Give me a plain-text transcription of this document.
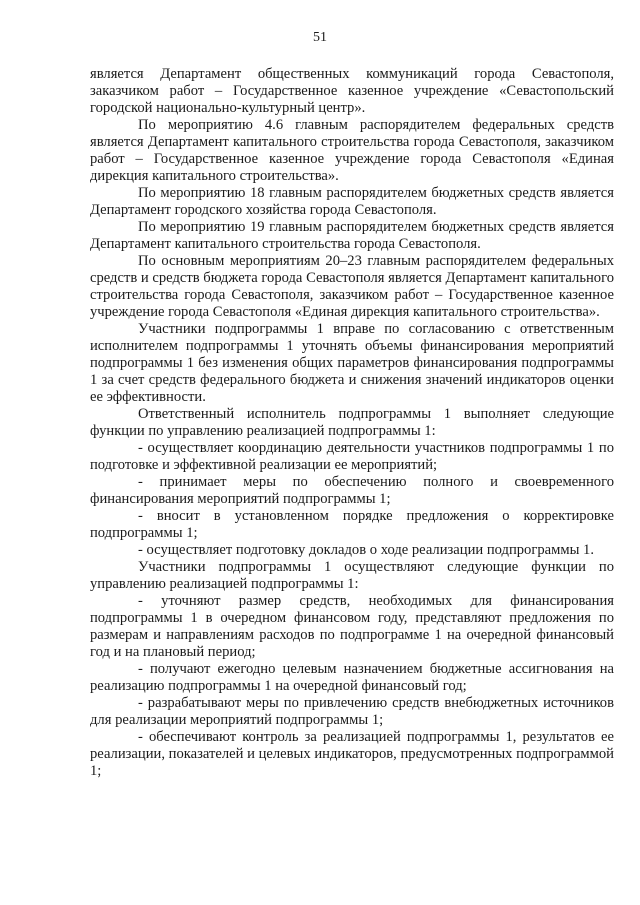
51

является Департамент общественных коммуникаций города Севастополя, заказчиком работ – Государственное казенное учреждение «Севастопольский городской национально-культурный центр».

По мероприятию 4.6 главным распорядителем федеральных средств является Департамент капитального строительства города Севастополя, заказчиком работ – Государственное казенное учреждение города Севастополя «Единая дирекция капитального строительства».

По мероприятию 18 главным распорядителем бюджетных средств является Департамент городского хозяйства города Севастополя.

По мероприятию 19 главным распорядителем бюджетных средств является Департамент капитального строительства города Севастополя.

По основным мероприятиям 20–23 главным распорядителем федеральных средств и средств бюджета города Севастополя является Департамент капитального строительства города Севастополя, заказчиком работ – Государственное казенное учреждение города Севастополя «Единая дирекция капитального строительства».

Участники подпрограммы 1 вправе по согласованию с ответственным исполнителем подпрограммы 1 уточнять объемы финансирования мероприятий подпрограммы 1 без изменения общих параметров финансирования подпрограммы 1 за счет средств федерального бюджета и снижения значений индикаторов оценки ее эффективности.

Ответственный исполнитель подпрограммы 1 выполняет следующие функции по управлению реализацией подпрограммы 1:

- осуществляет координацию деятельности участников подпрограммы 1 по подготовке и эффективной реализации ее мероприятий;

- принимает меры по обеспечению полного и своевременного финансирования мероприятий подпрограммы 1;

- вносит в установленном порядке предложения о корректировке подпрограммы 1;

- осуществляет подготовку докладов о ходе реализации подпрограммы 1.

Участники подпрограммы 1 осуществляют следующие функции по управлению реализацией подпрограммы 1:

- уточняют размер средств, необходимых для финансирования подпрограммы 1 в очередном финансовом году, представляют предложения по размерам и направлениям расходов по подпрограмме 1 на очередной финансовый год и на плановый период;

- получают ежегодно целевым назначением бюджетные ассигнования на реализацию подпрограммы 1 на очередной финансовый год;

- разрабатывают меры по привлечению средств внебюджетных источников для реализации мероприятий подпрограммы 1;

- обеспечивают контроль за реализацией подпрограммы 1, результатов ее реализации, показателей и целевых индикаторов, предусмотренных подпрограммой 1;
